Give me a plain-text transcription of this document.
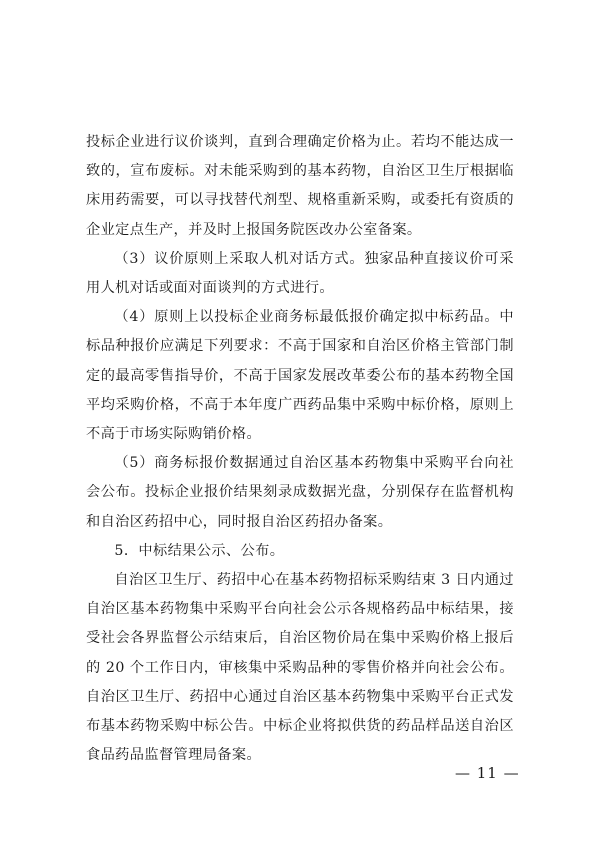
投标企业进行议价谈判，直到合理确定价格为止。若均不能达成一致的，宣布废标。对未能采购到的基本药物，自治区卫生厅根据临床用药需要，可以寻找替代剂型、规格重新采购，或委托有资质的企业定点生产，并及时上报国务院医改办公室备案。

（3）议价原则上采取人机对话方式。独家品种直接议价可采用人机对话或面对面谈判的方式进行。

（4）原则上以投标企业商务标最低报价确定拟中标药品。中标品种报价应满足下列要求：不高于国家和自治区价格主管部门制定的最高零售指导价，不高于国家发展改革委公布的基本药物全国平均采购价格，不高于本年度广西药品集中采购中标价格，原则上不高于市场实际购销价格。

（5）商务标报价数据通过自治区基本药物集中采购平台向社会公布。投标企业报价结果刻录成数据光盘，分别保存在监督机构和自治区药招中心，同时报自治区药招办备案。

5．中标结果公示、公布。

自治区卫生厅、药招中心在基本药物招标采购结束 3 日内通过自治区基本药物集中采购平台向社会公示各规格药品中标结果，接受社会各界监督公示结束后，自治区物价局在集中采购价格上报后的 20 个工作日内，审核集中采购品种的零售价格并向社会公布。自治区卫生厅、药招中心通过自治区基本药物集中采购平台正式发布基本药物采购中标公告。中标企业将拟供货的药品样品送自治区食品药品监督管理局备案。

— 11 —
